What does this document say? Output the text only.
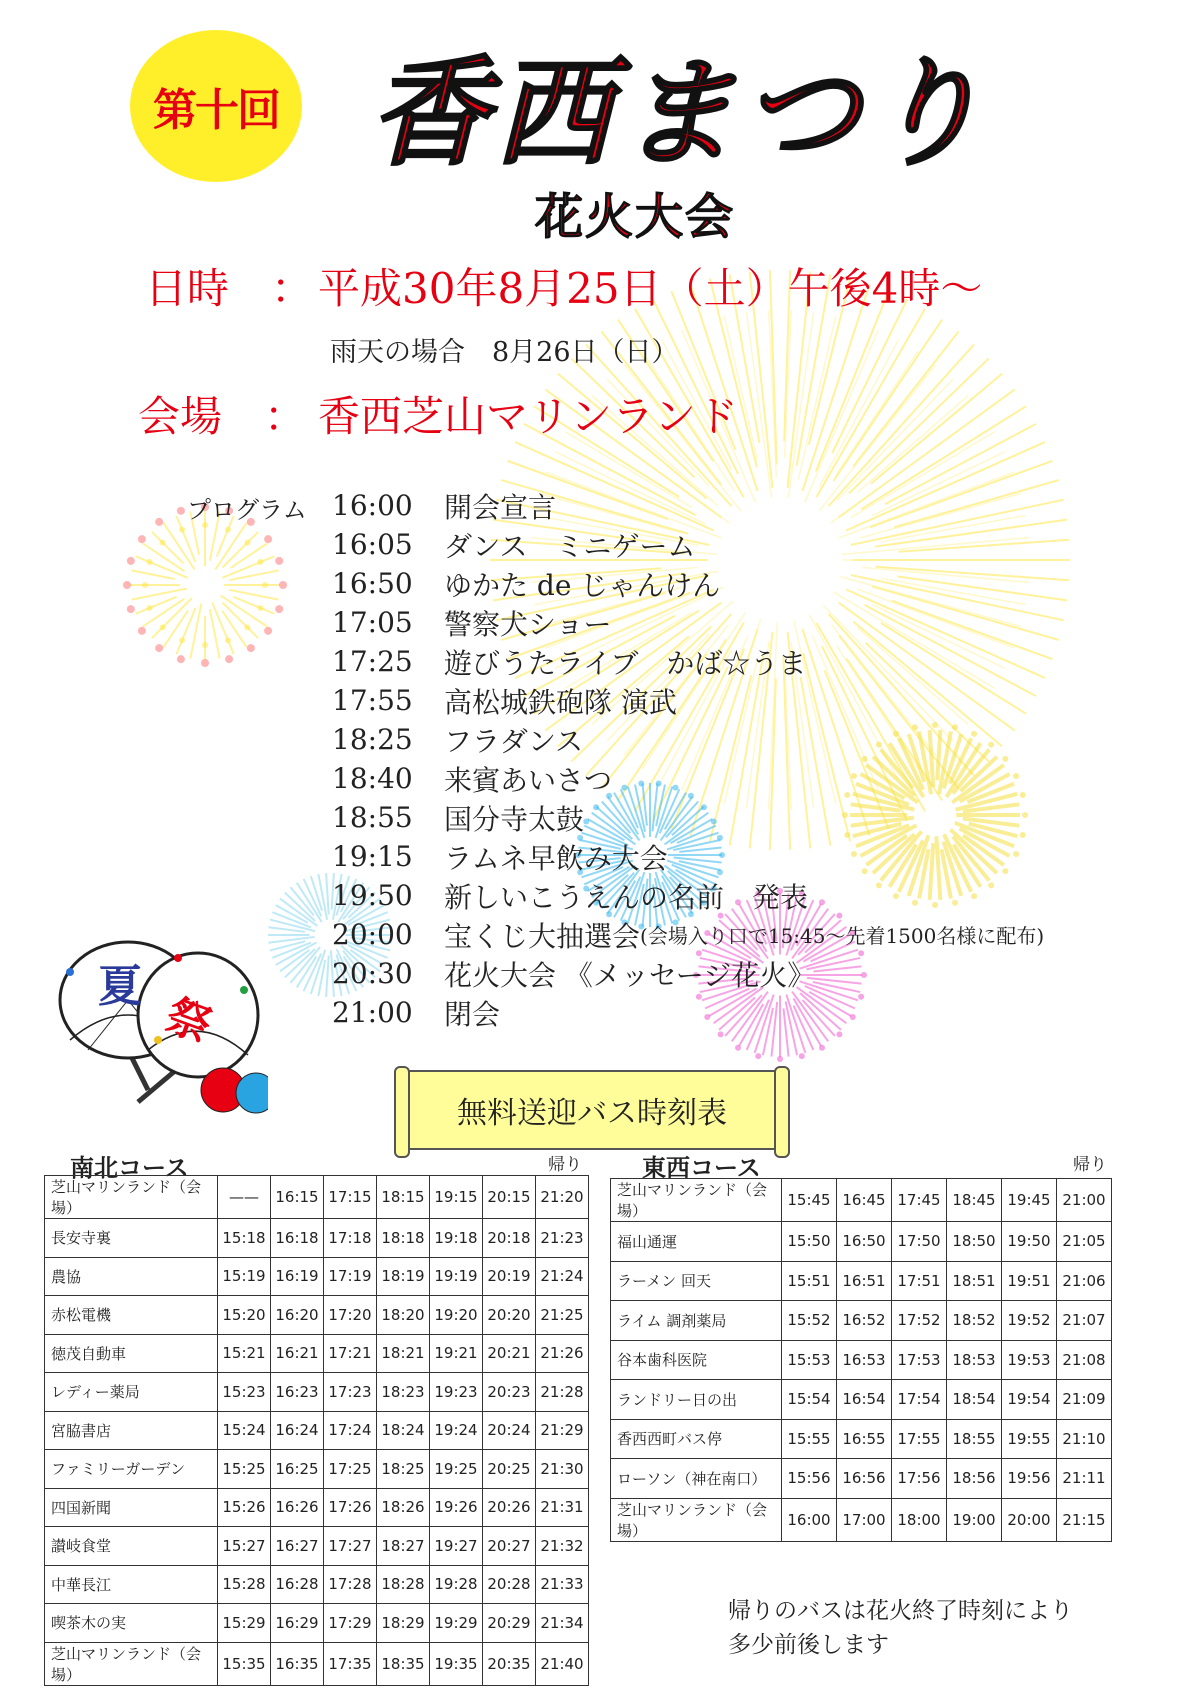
第十回 香西まつり
花火大会
日時　： 平成30年8月25日（土）午後4時～
雨天の場合　8月26日（日）
会場　： 香西芝山マリンランド
プログラム 16:00	開会宣言
16:05	ダンス　ミニゲーム
16:50	ゆかた de じゃんけん
17:05	警察犬ショー
17:25	遊びうたライブ　かば☆うま
17:55	高松城鉄砲隊 演武
18:25	フラダンス
18:40	来賓あいさつ
18:55	国分寺太鼓
19:15	ラムネ早飲み大会
19:50	新しいこうえんの名前　発表
20:00	宝くじ大抽選会 (会場入り口で15:45～先着1500名様に配布)
20:30	花火大会 《メッセージ花火》
21:00	閉会
夏
祭
無料送迎バス時刻表
南北コース	帰り
芝山マリンランド（会場）	——	16:15	17:15	18:15	19:15	20:15	21:20
長安寺裏	15:18	16:18	17:18	18:18	19:18	20:18	21:23
農協	15:19	16:19	17:19	18:19	19:19	20:19	21:24
赤松電機	15:20	16:20	17:20	18:20	19:20	20:20	21:25
徳茂自動車	15:21	16:21	17:21	18:21	19:21	20:21	21:26
レディー薬局	15:23	16:23	17:23	18:23	19:23	20:23	21:28
宮脇書店	15:24	16:24	17:24	18:24	19:24	20:24	21:29
ファミリーガーデン	15:25	16:25	17:25	18:25	19:25	20:25	21:30
四国新聞	15:26	16:26	17:26	18:26	19:26	20:26	21:31
讃岐食堂	15:27	16:27	17:27	18:27	19:27	20:27	21:32
中華長江	15:28	16:28	17:28	18:28	19:28	20:28	21:33
喫茶木の実	15:29	16:29	17:29	18:29	19:29	20:29	21:34
芝山マリンランド（会場）	15:35	16:35	17:35	18:35	19:35	20:35	21:40
東西コース	帰り
芝山マリンランド（会場）	15:45	16:45	17:45	18:45	19:45	21:00
福山通運	15:50	16:50	17:50	18:50	19:50	21:05
ラーメン 回天	15:51	16:51	17:51	18:51	19:51	21:06
ライム 調剤薬局	15:52	16:52	17:52	18:52	19:52	21:07
谷本歯科医院	15:53	16:53	17:53	18:53	19:53	21:08
ランドリー日の出	15:54	16:54	17:54	18:54	19:54	21:09
香西西町バス停	15:55	16:55	17:55	18:55	19:55	21:10
ローソン（神在南口）	15:56	16:56	17:56	18:56	19:56	21:11
芝山マリンランド（会場）	16:00	17:00	18:00	19:00	20:00	21:15
帰りのバスは花火終了時刻により
多少前後します
